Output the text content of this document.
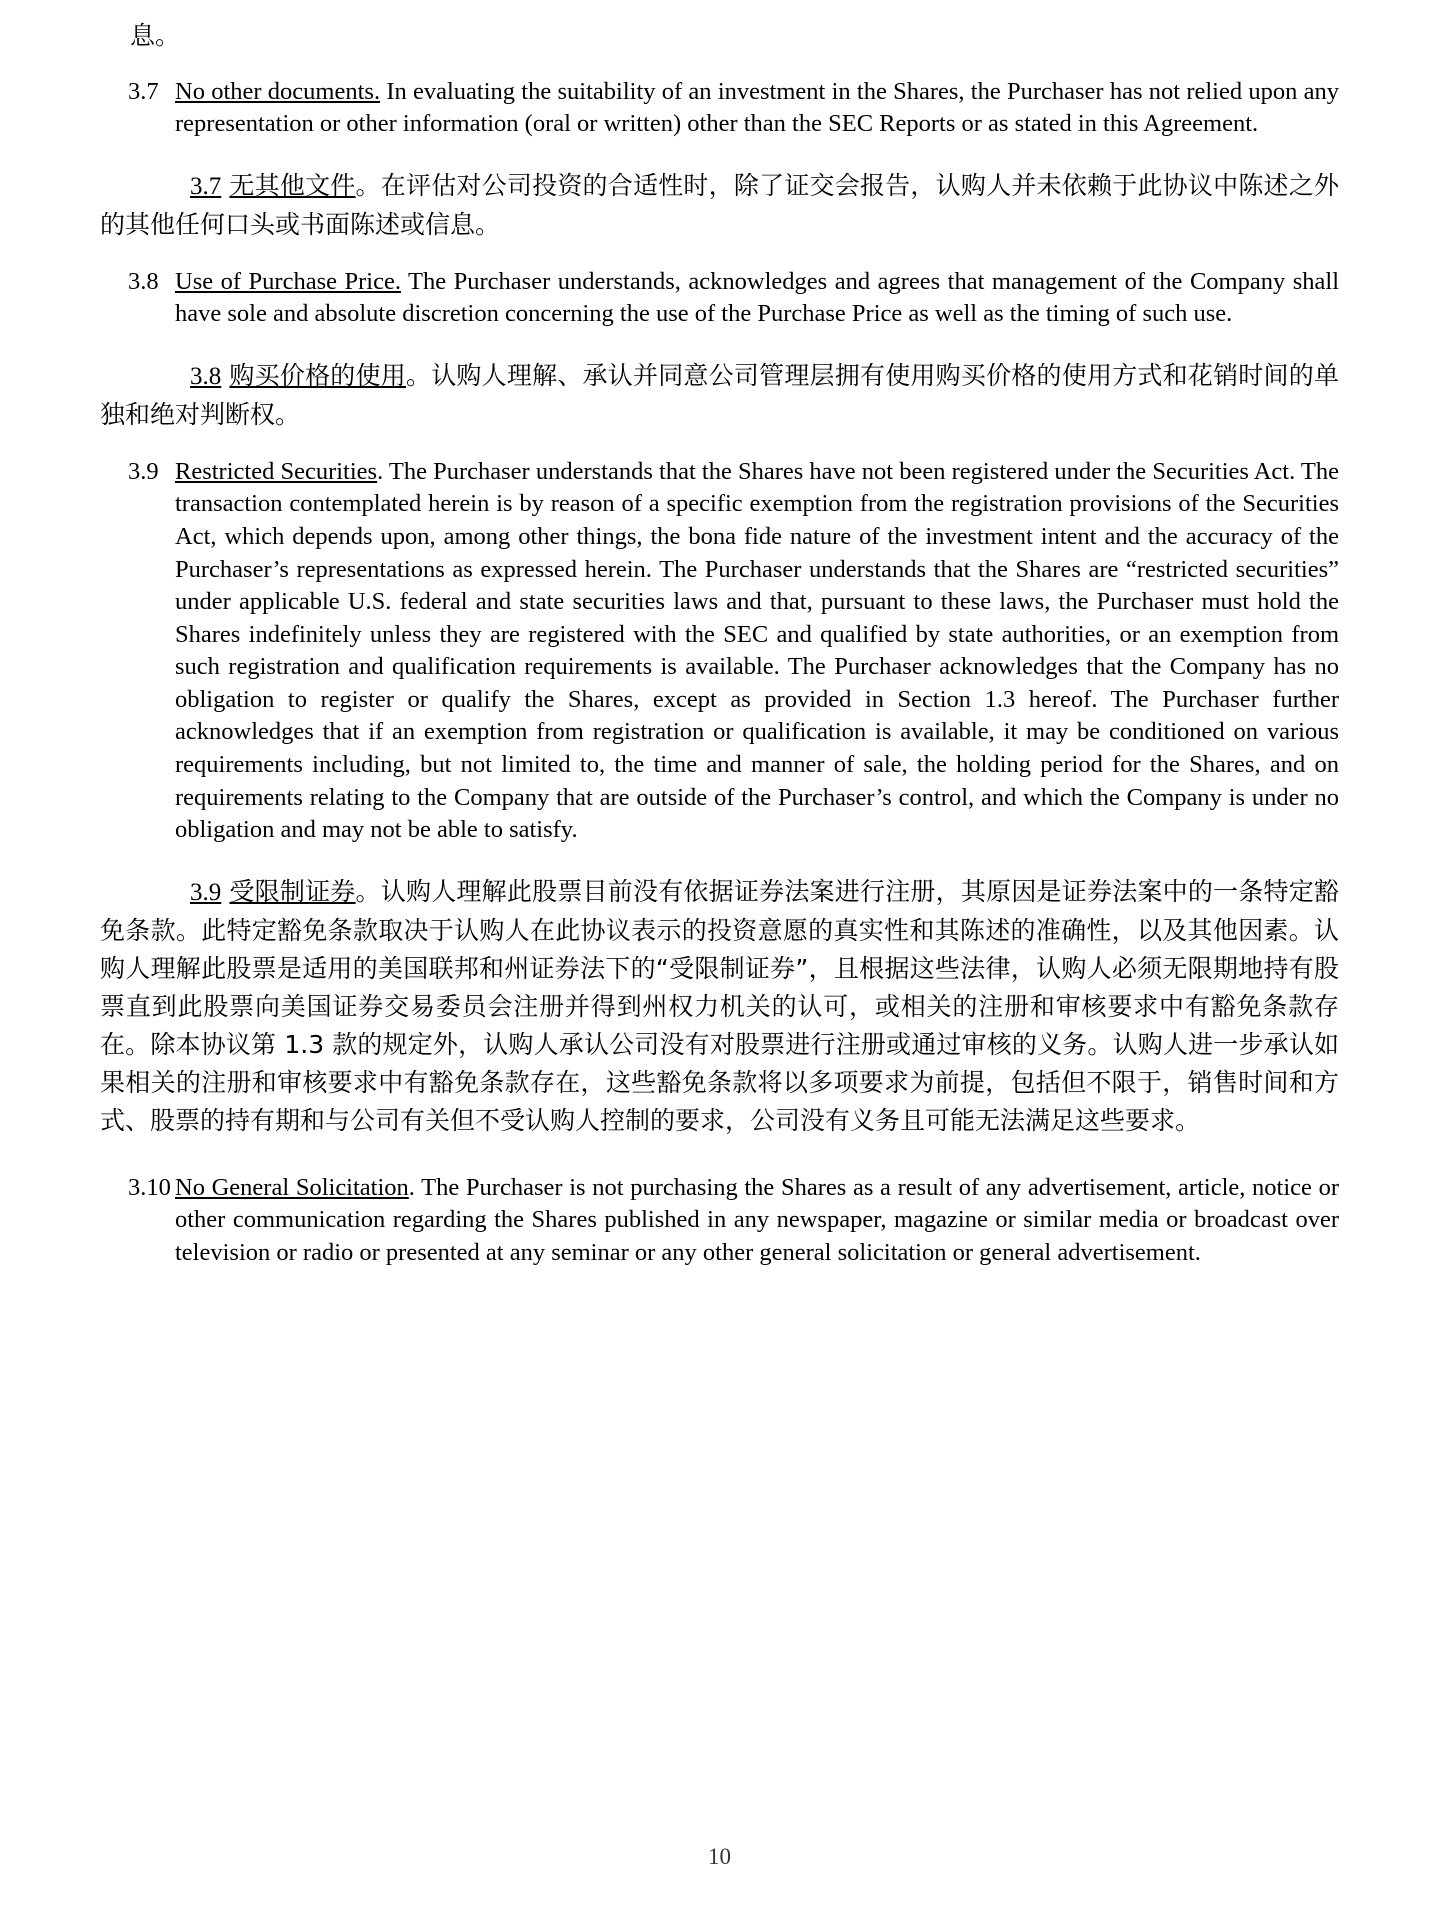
息。
3.7 No other documents. In evaluating the suitability of an investment in the Shares, the Purchaser has not relied upon any representation or other information (oral or written) other than the SEC Reports or as stated in this Agreement.
3.7 无其他文件。在评估对公司投资的合适性时，除了证交会报告，认购人并未依赖于此协议中陈述之外的其他任何口头或书面陈述或信息。
3.8 Use of Purchase Price. The Purchaser understands, acknowledges and agrees that management of the Company shall have sole and absolute discretion concerning the use of the Purchase Price as well as the timing of such use.
3.8 购买价格的使用。认购人理解、承认并同意公司管理层拥有使用购买价格的使用方式和花销时间的单独和绝对判断权。
3.9 Restricted Securities. The Purchaser understands that the Shares have not been registered under the Securities Act. The transaction contemplated herein is by reason of a specific exemption from the registration provisions of the Securities Act, which depends upon, among other things, the bona fide nature of the investment intent and the accuracy of the Purchaser’s representations as expressed herein. The Purchaser understands that the Shares are “restricted securities” under applicable U.S. federal and state securities laws and that, pursuant to these laws, the Purchaser must hold the Shares indefinitely unless they are registered with the SEC and qualified by state authorities, or an exemption from such registration and qualification requirements is available. The Purchaser acknowledges that the Company has no obligation to register or qualify the Shares, except as provided in Section 1.3 hereof. The Purchaser further acknowledges that if an exemption from registration or qualification is available, it may be conditioned on various requirements including, but not limited to, the time and manner of sale, the holding period for the Shares, and on requirements relating to the Company that are outside of the Purchaser’s control, and which the Company is under no obligation and may not be able to satisfy.
3.9 受限制证券。认购人理解此股票目前没有依据证券法案进行注册，其原因是证券法案中的一条特定豁免条款。此特定豁免条款取决于认购人在此协议表示的投资意愿的真实性和其陈述的准确性，以及其他因素。认购人理解此股票是适用的美国联邦和州证券法下的“受限制证券”，且根据这些法律，认购人必须无限期地持有股票直到此股票向美国证券交易委员会注册并得到州权力机关的认可，或相关的注册和审核要求中有豁免条款存在。除本协议第 1.3 款的规定外，认购人承认公司没有对股票进行注册或通过审核的义务。认购人进一步承认如果相关的注册和审核要求中有豁免条款存在，这些豁免条款将以多项要求为前提，包括但不限于，销售时间和方式、股票的持有期和与公司有关但不受认购人控制的要求，公司没有义务且可能无法满足这些要求。
3.10 No General Solicitation. The Purchaser is not purchasing the Shares as a result of any advertisement, article, notice or other communication regarding the Shares published in any newspaper, magazine or similar media or broadcast over television or radio or presented at any seminar or any other general solicitation or general advertisement.
10
